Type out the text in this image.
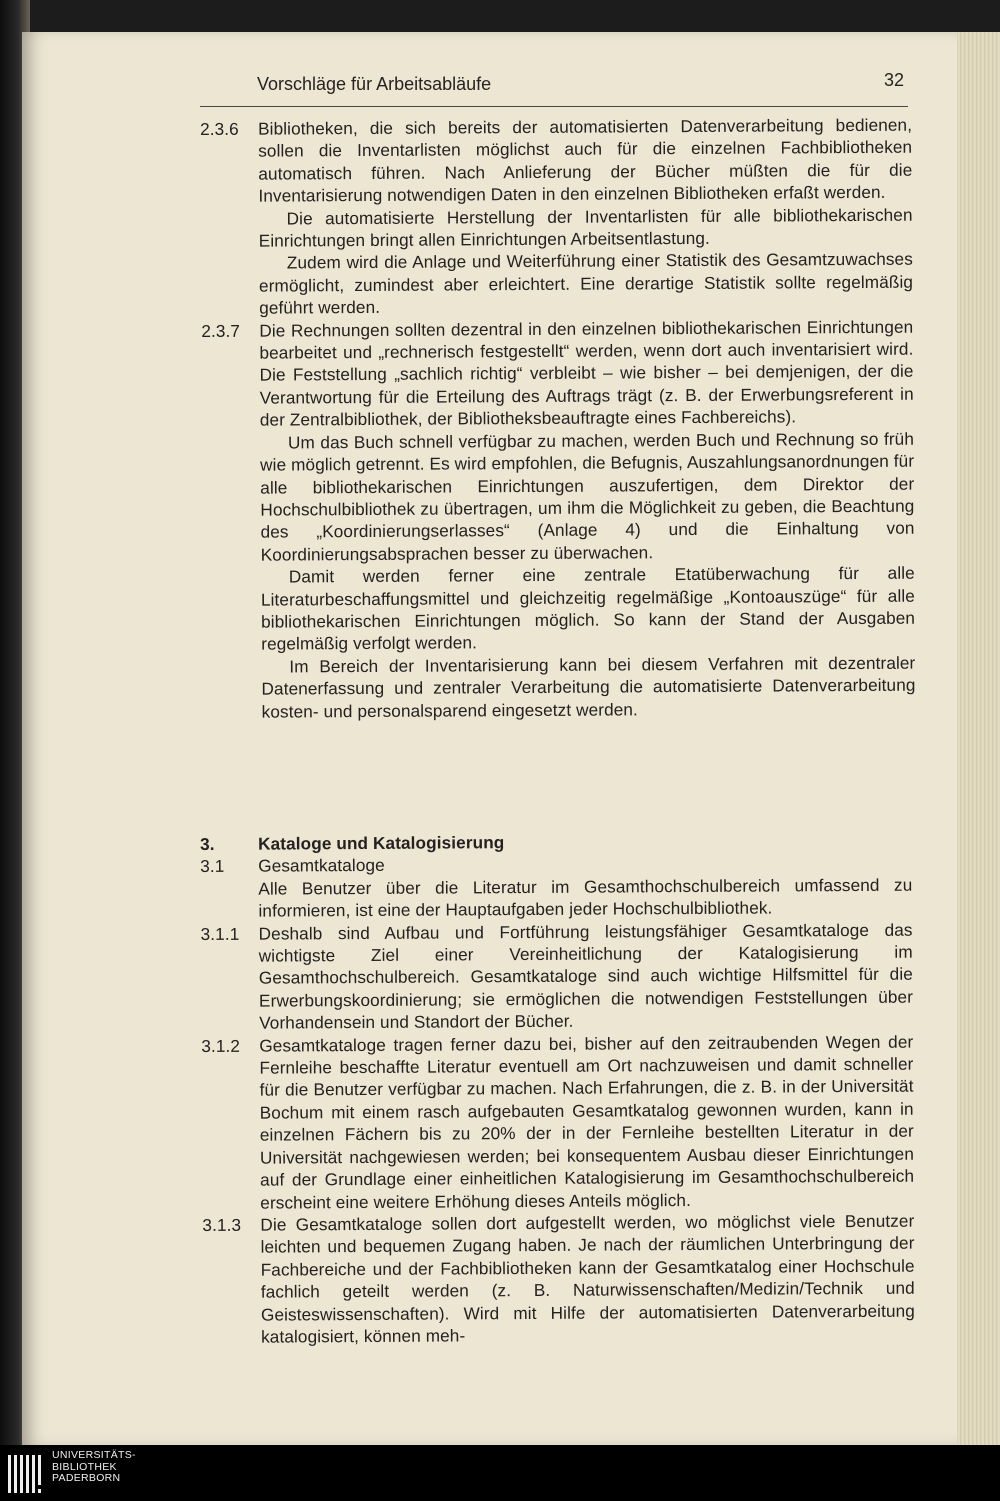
Vorschläge für Arbeitsabläufe	32
2.3.6	Bibliotheken, die sich bereits der automatisierten Datenverarbeitung bedienen, sollen die Inventarlisten möglichst auch für die einzelnen Fachbibliotheken automatisch führen. Nach Anlieferung der Bücher müßten die für die Inventarisierung notwendigen Daten in den einzelnen Bibliotheken erfaßt werden.
Die automatisierte Herstellung der Inventarlisten für alle bibliothekarischen Einrichtungen bringt allen Einrichtungen Arbeitsentlastung.
Zudem wird die Anlage und Weiterführung einer Statistik des Gesamtzuwachses ermöglicht, zumindest aber erleichtert. Eine derartige Statistik sollte regelmäßig geführt werden.
2.3.7	Die Rechnungen sollten dezentral in den einzelnen bibliothekarischen Einrichtungen bearbeitet und „rechnerisch festgestellt“ werden, wenn dort auch inventarisiert wird. Die Feststellung „sachlich richtig“ verbleibt – wie bisher – bei demjenigen, der die Verantwortung für die Erteilung des Auftrags trägt (z. B. der Erwerbungsreferent in der Zentralbibliothek, der Bibliotheksbeauftragte eines Fachbereichs).
Um das Buch schnell verfügbar zu machen, werden Buch und Rechnung so früh wie möglich getrennt. Es wird empfohlen, die Befugnis, Auszahlungsanordnungen für alle bibliothekarischen Einrichtungen auszufertigen, dem Direktor der Hochschulbibliothek zu übertragen, um ihm die Möglichkeit zu geben, die Beachtung des „Koordinierungserlasses“ (Anlage 4) und die Einhaltung von Koordinierungsabsprachen besser zu überwachen.
Damit werden ferner eine zentrale Etatüberwachung für alle Literaturbeschaffungsmittel und gleichzeitig regelmäßige „Kontoauszüge“ für alle bibliothekarischen Einrichtungen möglich. So kann der Stand der Ausgaben regelmäßig verfolgt werden.
Im Bereich der Inventarisierung kann bei diesem Verfahren mit dezentraler Datenerfassung und zentraler Verarbeitung die automatisierte Datenverarbeitung kosten- und personalsparend eingesetzt werden.
3.	Kataloge und Katalogisierung
3.1	Gesamtkataloge
Alle Benutzer über die Literatur im Gesamthochschulbereich umfassend zu informieren, ist eine der Hauptaufgaben jeder Hochschulbibliothek.
3.1.1	Deshalb sind Aufbau und Fortführung leistungsfähiger Gesamtkataloge das wichtigste Ziel einer Vereinheitlichung der Katalogisierung im Gesamthochschulbereich. Gesamtkataloge sind auch wichtige Hilfsmittel für die Erwerbungskoordinierung; sie ermöglichen die notwendigen Feststellungen über Vorhandensein und Standort der Bücher.
3.1.2	Gesamtkataloge tragen ferner dazu bei, bisher auf den zeitraubenden Wegen der Fernleihe beschaffte Literatur eventuell am Ort nachzuweisen und damit schneller für die Benutzer verfügbar zu machen. Nach Erfahrungen, die z. B. in der Universität Bochum mit einem rasch aufgebauten Gesamtkatalog gewonnen wurden, kann in einzelnen Fächern bis zu 20% der in der Fernleihe bestellten Literatur in der Universität nachgewiesen werden; bei konsequentem Ausbau dieser Einrichtungen auf der Grundlage einer einheitlichen Katalogisierung im Gesamthochschulbereich erscheint eine weitere Erhöhung dieses Anteils möglich.
3.1.3	Die Gesamtkataloge sollen dort aufgestellt werden, wo möglichst viele Benutzer leichten und bequemen Zugang haben. Je nach der räumlichen Unterbringung der Fachbereiche und der Fachbibliotheken kann der Gesamtkatalog einer Hochschule fachlich geteilt werden (z. B. Naturwissenschaften/Medizin/Technik und Geisteswissenschaften). Wird mit Hilfe der automatisierten Datenverarbeitung katalogisiert, können meh-
UNIVERSITÄTS-
BIBLIOTHEK
PADERBORN
